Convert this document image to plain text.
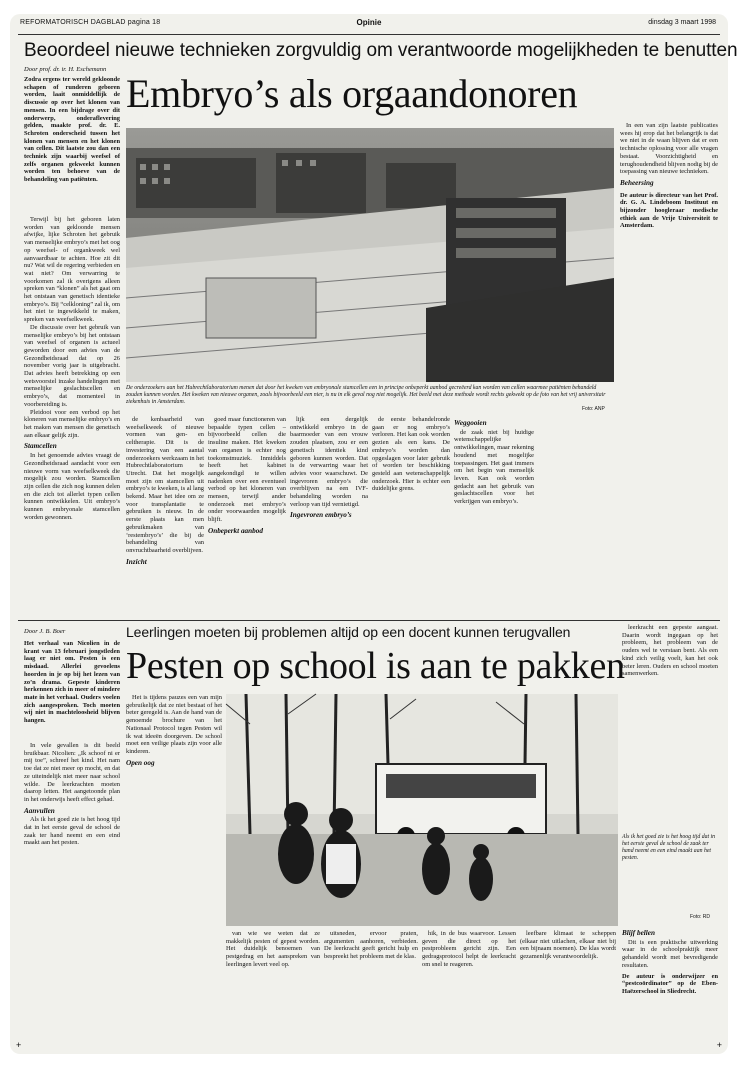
REFORMATORISCH DAGBLAD pagina 18	Opinie	dinsdag 3 maart 1998
Beoordeel nieuwe technieken zorgvuldig om verantwoorde mogelijkheden te benutten
Door prof. dr. ir. H. Eschemann
Embryo’s als orgaandonoren

Zodra ergens ter wereld gekloonde schapen of runderen geboren worden, laait onmiddellijk de discussie op over het klonen van mensen. In een bijdrage over dit onderwerp, onderaflevering gelden, maakte prof. dr. E. Schroten onderscheid tussen het klonen van mensen en het klonen van cellen. Dit laatste zou dan een techniek zijn waarbij weefsel of zelfs organen gekweekt kunnen worden ten behoeve van de behandeling van patiënten.

Terwijl bij het geboren laten worden van gekloonde mensen afwijke, lijke Schroten het gebruik van menselijke embryo’s met het oog op weefsel- of organkweek wel aanvaardbaar te achten. Hoe zit dit nu? Wat wil de regering verbieden en wat niet? Om verwarring te voorkomen zal ik overigens alleen spreken van “klonen” als het gaat om het ontstaan van genetisch identieke embryo’s. Bij “celkloning” zal ik, om het niet te ingewikkeld te maken, spreken van weefselkweek.

De discussie over het gebruik van menselijke embryo’s bij het ontstaan van weefsel of organen is actueel geworden door een advies van de Gezondheidsraad dat op 26 november vorig jaar is uitgebracht. Dat advies heeft betrekking op een wetsvoorstel inzake handelingen met menselijke geslachtscellen en embryo’s, dat momenteel in voorbereiding is.

Pleidooi voor een verbod op het kloneren van menselijke embryo’s en het maken van mensen die genetisch aan elkaar gelijk zijn.

Stamcellen

In het genoemde advies vraagt de Gezondheidsraad aandacht voor een nieuwe vorm van weefselkweek die mogelijk zou worden. Stamcellen zijn cellen die zich nog kunnen delen en die zich tot allerlei typen cellen kunnen ontwikkelen. Uit embryo’s kunnen embryonale stamcellen worden gewonnen.

De onderzoekers aan het Hubrechtlaboratorium menen dat door het kweken van embryonale stamcellen een in principe onbeperkt aanbod gecreëerd kan worden van cellen waarmee patiënten behandeld zouden kunnen worden. Het kweken van nieuwe organen, zoals bijvoorbeeld een nier, is nu in elk geval nog niet mogelijk. Het beeld met deze methode wordt rechts gekwekt op de foto van het vrij universitair ziekenhuis in Amsterdam.
Foto: ANP

de kenbaarheid van weefselkweek of nieuwe vormen van gen- en celtherapie. Dit is de investering van een aantal onderzoekers werkzaam in het Hubrechtlaboratorium te Utrecht. Dat het mogelijk moet zijn om stamcellen uit embryo’s te kweken, is al lang bekend. Maar het idee om ze voor transplantatie te gebruiken is nieuw. In de eerste plaats kan men gebruikmaken van ‘restembryo’s’ die bij de behandeling van onvruchtbaarheid overblijven.

Inzicht

goed maar functioneren van bepaalde typen cellen – bijvoorbeeld cellen die insuline maken. Het kweken van organen is echter nog toekomstmuziek. Inmiddels heeft het kabinet aangekondigd te willen nadenken over een eventueel verbod op het kloneren van mensen, terwijl ander onderzoek met embryo’s onder voorwaarden mogelijk blijft.

Onbeperkt aanbod

lijk een dergelijk ontwikkeld embryo in de baarmoeder van een vrouw zouden plaatsen, zou er een genetisch identiek kind geboren kunnen worden. Dat is de verwarring waar het advies voor waarschuwt. De ingevroren embryo’s die overblijven na een IVF-behandeling worden na verloop van tijd vernietigd.

Ingevroren embryo’s

de eerste behandelronde gaan er nog embryo’s verloren. Het kan ook worden gezien als een kans. De embryo’s worden dan opgeslagen voor later gebruik of worden ter beschikking gesteld aan wetenschappelijk onderzoek. Hier is echter een duidelijke grens.

Weggooien

de zaak niet bij huidige wetenschappelijke ontwikkelingen, maar rekening houdend met mogelijke toepassingen. Het gaat immers om het begin van menselijk leven. Kan ook worden gedacht aan het gebruik van geslachtscellen voor het verkrijgen van embryo’s.

In een van zijn laatste publicaties wees hij erop dat het belangrijk is dat we niet in de waan blijven dat er een technische oplossing voor alle vragen bestaat. Voorzichtigheid en terughoudendheid blijven nodig bij de toepassing van nieuwe technieken.

Beheersing

De auteur is directeur van het Prof. dr. G. A. Lindeboom Instituut en bijzonder hoogleraar medische ethiek aan de Vrije Universiteit te Amsterdam.

Door J. B. Boer	Leerlingen moeten bij problemen altijd op een docent kunnen terugvallen
Pesten op school is aan te pakken

Het verhaal van Nicolien in de krant van 13 februari jongstleden laag er niet om. Pesten is een misdaad. Allerlei gevoelens hoorden in je op bij het lezen van zo’n drama. Gepeste kinderen herkennen zich in meer of mindere mate in het verhaal. Ouders voelen zich aangesproken. Toch moeten wij niet in machteloosheid blijven hangen.

In vele gevallen is dit beeld bruikbaar. Nicolien: „Ik schoof ni er mij toe”, schreef het kind. Het nam toe dat ze niet meer op mocht, en dat ze uiteindelijk niet meer naar school wilde. De leerkrachten moeten daarop letten. Het aangetoonde plan in het onderwijs heeft effect gehad.

Aanvullen

Als ik het goed zie is het hoog tijd dat in het eerste geval de school de zaak ter hand neemt en een eind maakt aan het pesten.

Als ik het goed zie is het hoog tijd dat in het eerste geval de school de zaak ter hand neemt en een eind maakt aan het pesten.
Foto: RD

Het is tijdens pauzes een van mijn gebruikelijk dat ze niet bestaat of het beter geregeld is. Aan de hand van de genoemde brochure van het Nationaal Protocol tegen Pesten wil ik wat ideeën doorgeven. De school moet een veilige plaats zijn voor alle kinderen.

Open oog

van wie we weten dat ze makkelijk pesten of gepest worden. Het duidelijk benoemen van pestgedrag en het aanspreken van leerlingen levert veel op.

uitsneden, ervoor praten, argumenten aanhoren, verbieden. De leerkracht geeft gericht hulp en bespreekt het probleem met de klas.

hik, in de bus waarvoor. Lessen geven die direct op het pestprobleem gericht zijn. Een gedragsprotocol helpt de leerkracht om snel te reageren.

leefbare klimaat te scheppen (elkaar niet uitlachen, elkaar niet bij een bijnaam noemen). De klas wordt gezamenlijk verantwoordelijk.

leerkracht een gepeste aangaat. Daarin wordt ingegaan op het probleem, het probleem van de ouders wel te verstaan bent. Als een kind zich veilig voelt, kan het ook beter leren. Ouders en school moeten samenwerken.

Blijf bellen

Dit is een praktische uitwerking waar in de schoolpraktijk meer gehandeld wordt met bevredigende resultaten.

De auteur is onderwijzer en “pestcoördinator” op de Eben-Haëzerschool in Sliedrecht.

+	+
